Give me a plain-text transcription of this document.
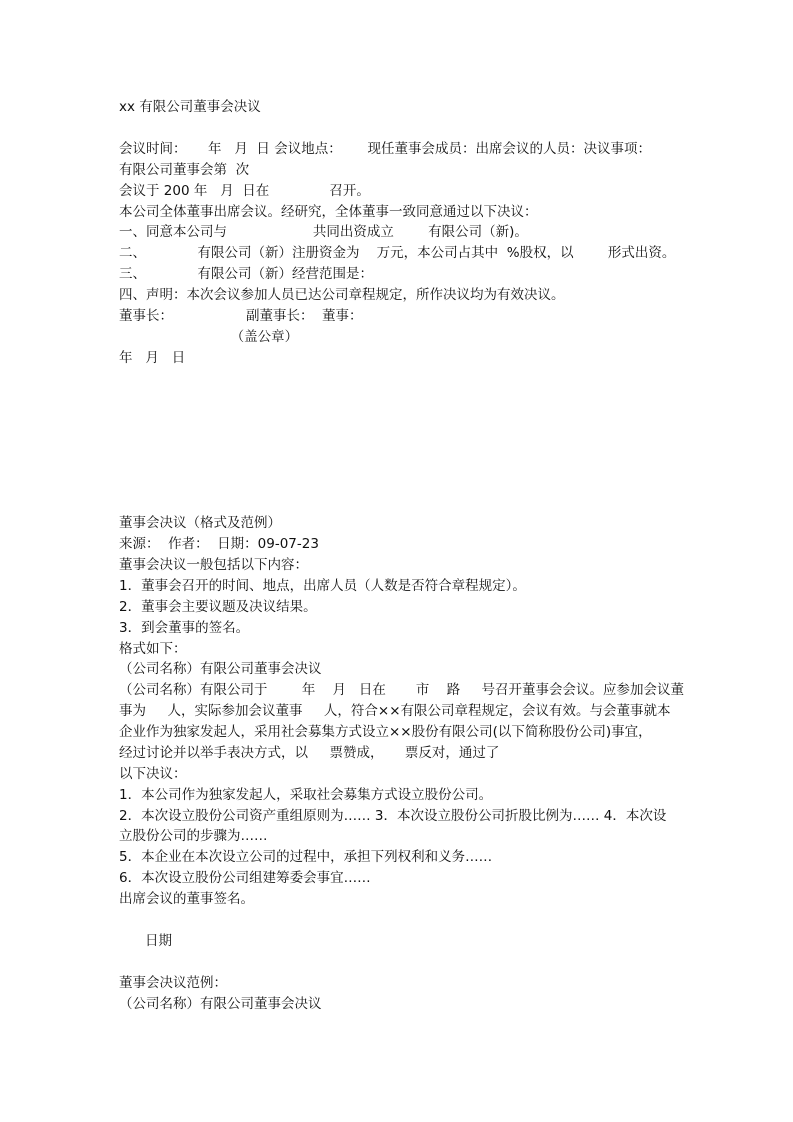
xx 有限公司董事会决议
会议时间：     年   月  日 会议地点：      现任董事会成员：出席会议的人员：决议事项：
有限公司董事会第  次
会议于 200 年   月  日在              召开。
本公司全体董事出席会议。经研究，全体董事一致同意通过以下决议：
一、同意本公司与                    共同出资成立        有限公司（新)。
二、            有限公司（新）注册资金为    万元，本公司占其中  %股权，以        形式出资。
三、            有限公司（新）经营范围是：
四、声明：本次会议参加人员已达公司章程规定，所作决议均为有效决议。
董事长：                 副董事长：  董事：
（盖公章）
年   月   日
董事会决议（格式及范例）
来源：  作者：  日期：09-07-23
董事会决议一般包括以下内容：
1．董事会召开的时间、地点，出席人员（人数是否符合章程规定）。
2．董事会主要议题及决议结果。
3．到会董事的签名。
格式如下：
（公司名称）有限公司董事会决议
（公司名称）有限公司于        年    月   日在       市    路     号召开董事会会议。应参加会议董
事为     人，实际参加会议董事     人，符合××有限公司章程规定，会议有效。与会董事就本
企业作为独家发起人，采用社会募集方式设立××股份有限公司(以下简称股份公司)事宜，
经过讨论并以举手表决方式，以     票赞成，     票反对，通过了
以下决议：
1．本公司作为独家发起人，采取社会募集方式设立股份公司。
2．本次设立股份公司资产重组原则为…… 3．本次设立股份公司折股比例为…… 4．本次设
立股份公司的步骤为……
5．本企业在本次设立公司的过程中，承担下列权利和义务……
6．本次设立股份公司组建筹委会事宜……
出席会议的董事签名。
日期
董事会决议范例：
（公司名称）有限公司董事会决议
